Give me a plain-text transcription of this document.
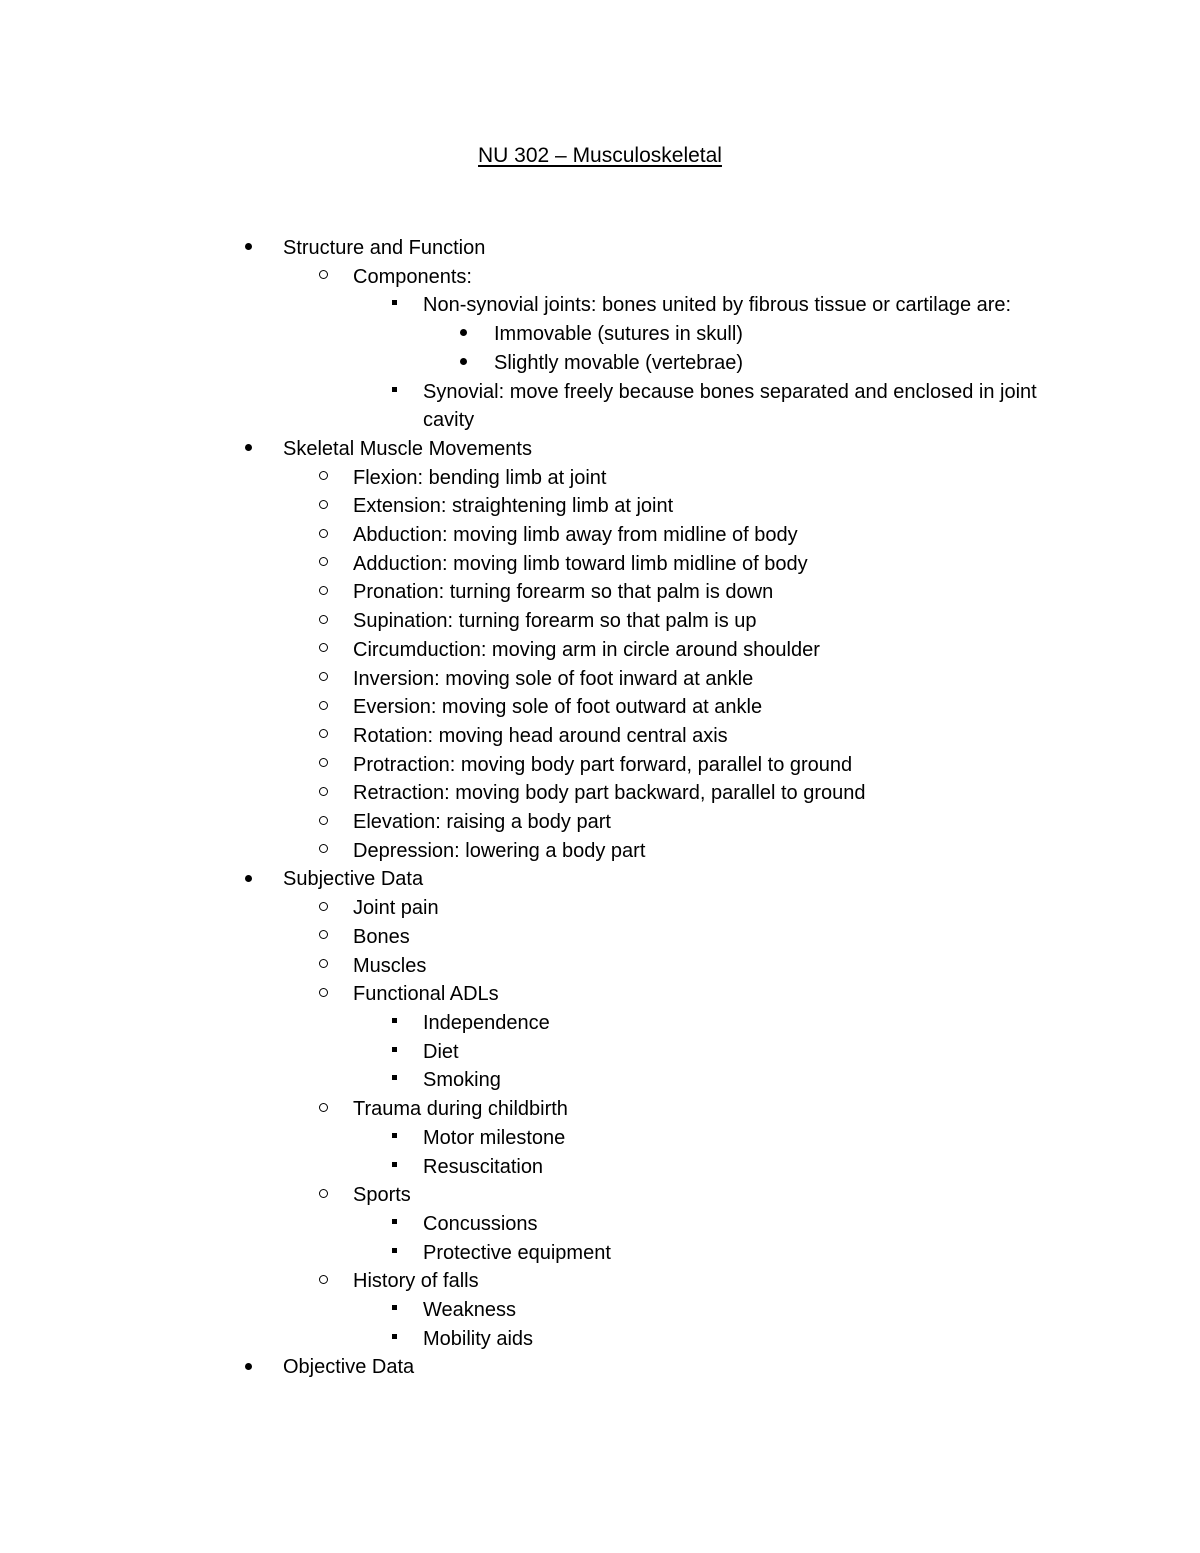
NU 302 – Musculoskeletal
Structure and Function
Components:
Non-synovial joints: bones united by fibrous tissue or cartilage are:
Immovable (sutures in skull)
Slightly movable (vertebrae)
Synovial: move freely because bones separated and enclosed in joint cavity
Skeletal Muscle Movements
Flexion: bending limb at joint
Extension: straightening limb at joint
Abduction: moving limb away from midline of body
Adduction: moving limb toward limb midline of body
Pronation: turning forearm so that palm is down
Supination: turning forearm so that palm is up
Circumduction: moving arm in circle around shoulder
Inversion: moving sole of foot inward at ankle
Eversion: moving sole of foot outward at ankle
Rotation: moving head around central axis
Protraction: moving body part forward, parallel to ground
Retraction: moving body part backward, parallel to ground
Elevation: raising a body part
Depression: lowering a body part
Subjective Data
Joint pain
Bones
Muscles
Functional ADLs
Independence
Diet
Smoking
Trauma during childbirth
Motor milestone
Resuscitation
Sports
Concussions
Protective equipment
History of falls
Weakness
Mobility aids
Objective Data
